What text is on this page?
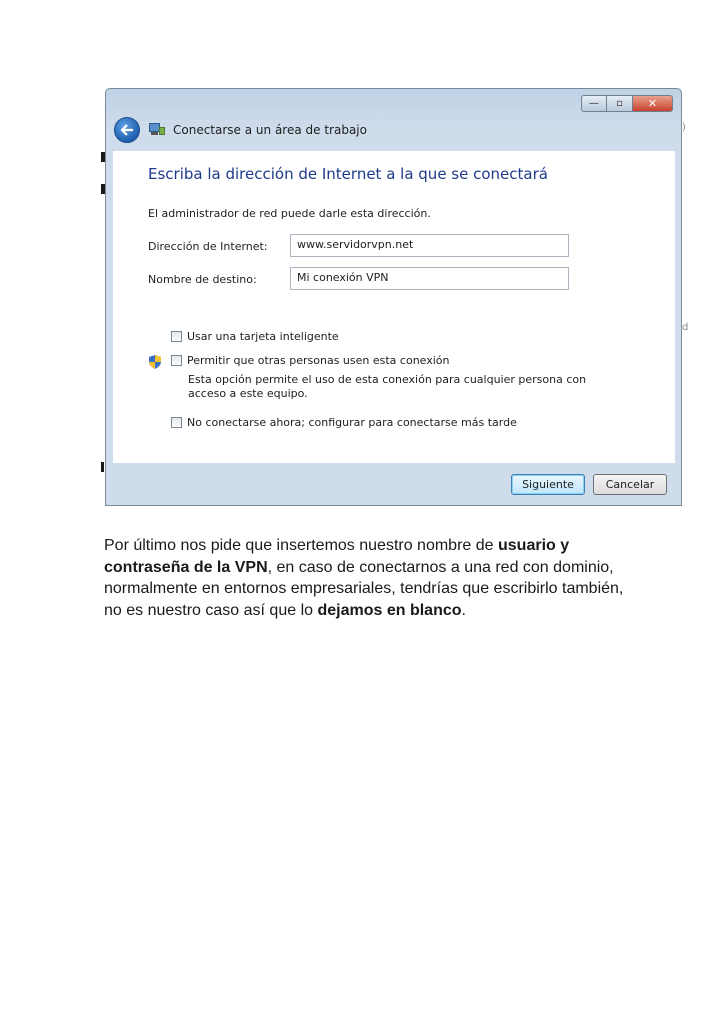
—	▫	✕
Conectarse a un área de trabajo
Escriba la dirección de Internet a la que se conectará
El administrador de red puede darle esta dirección.
Dirección de Internet:	www.servidorvpn.net
Nombre de destino:	Mi conexión VPN
Usar una tarjeta inteligente
Permitir que otras personas usen esta conexión
Esta opción permite el uso de esta conexión para cualquier persona con acceso a este equipo.
No conectarse ahora; configurar para conectarse más tarde
Siguiente	Cancelar
)
d

Por último nos pide que insertemos nuestro nombre de usuario y contraseña de la VPN, en caso de conectarnos a una red con dominio, normalmente en entornos empresariales, tendrías que escribirlo también, no es nuestro caso así que lo dejamos en blanco.
